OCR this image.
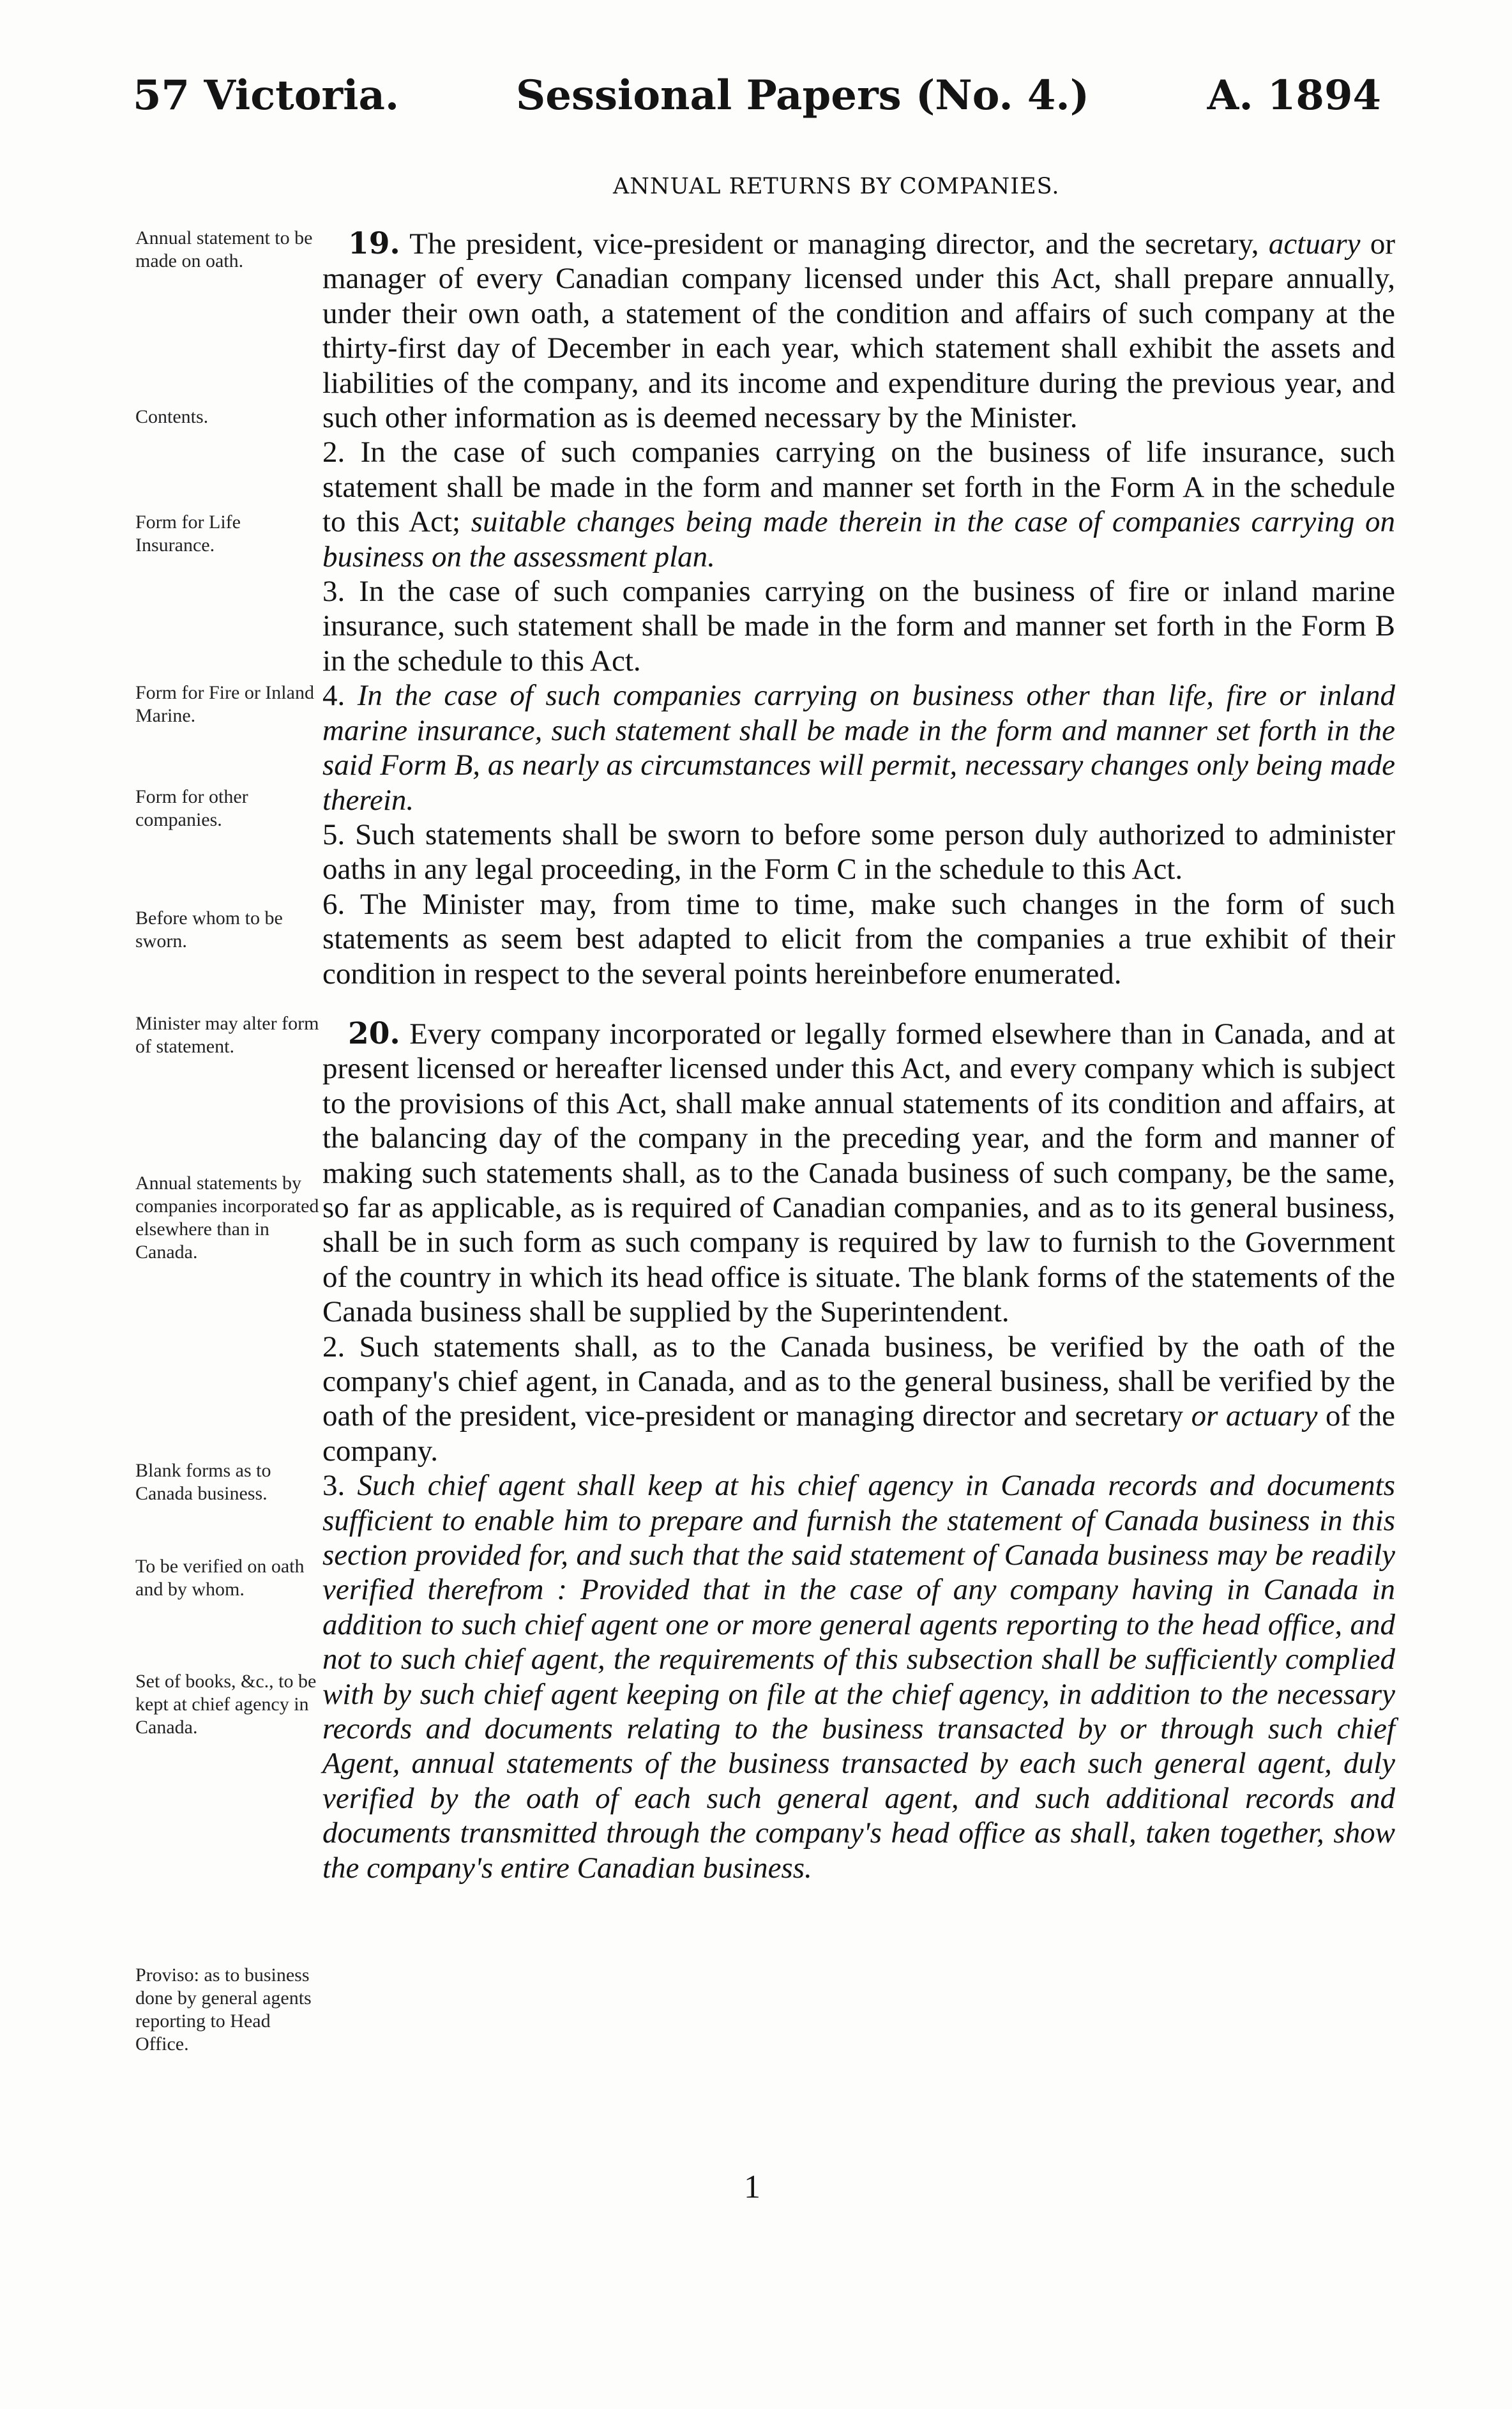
57 Victoria.	Sessional Papers (No. 4.)	A. 1894
ANNUAL RETURNS BY COMPANIES.
Annual statement to be made on oath.
Contents.
Form for Life Insurance.
Form for Fire or Inland Marine.
Form for other companies.
Before whom to be sworn.
Minister may alter form of statement.
Annual statements by companies incorporated elsewhere than in Canada.
Blank forms as to Canada business.
To be verified on oath and by whom.
Set of books, &c., to be kept at chief agency in Canada.
Proviso: as to business done by general agents reporting to Head Office.

19. The president, vice-president or managing director, and the secretary, actuary or manager of every Canadian company licensed under this Act, shall prepare annually, under their own oath, a statement of the condition and affairs of such company at the thirty-first day of December in each year, which statement shall exhibit the assets and liabilities of the company, and its income and expenditure during the previous year, and such other information as is deemed necessary by the Minister.

2. In the case of such companies carrying on the business of life insurance, such statement shall be made in the form and manner set forth in the Form A in the schedule to this Act; suitable changes being made therein in the case of companies carrying on business on the assessment plan.

3. In the case of such companies carrying on the business of fire or inland marine insurance, such statement shall be made in the form and manner set forth in the Form B in the schedule to this Act.

4. In the case of such companies carrying on business other than life, fire or inland marine insurance, such statement shall be made in the form and manner set forth in the said Form B, as nearly as circumstances will permit, necessary changes only being made therein.

5. Such statements shall be sworn to before some person duly authorized to administer oaths in any legal proceeding, in the Form C in the schedule to this Act.

6. The Minister may, from time to time, make such changes in the form of such statements as seem best adapted to elicit from the companies a true exhibit of their condition in respect to the several points hereinbefore enumerated.

20. Every company incorporated or legally formed elsewhere than in Canada, and at present licensed or hereafter licensed under this Act, and every company which is subject to the provisions of this Act, shall make annual statements of its condition and affairs, at the balancing day of the company in the preceding year, and the form and manner of making such statements shall, as to the Canada business of such company, be the same, so far as applicable, as is required of Canadian companies, and as to its general business, shall be in such form as such company is required by law to furnish to the Government of the country in which its head office is situate. The blank forms of the statements of the Canada business shall be supplied by the Superintendent.

2. Such statements shall, as to the Canada business, be verified by the oath of the company's chief agent, in Canada, and as to the general business, shall be verified by the oath of the president, vice-president or managing director and secretary or actuary of the company.

3. Such chief agent shall keep at his chief agency in Canada records and documents sufficient to enable him to prepare and furnish the statement of Canada business in this section provided for, and such that the said statement of Canada business may be readily verified therefrom : Provided that in the case of any company having in Canada in addition to such chief agent one or more general agents reporting to the head office, and not to such chief agent, the requirements of this subsection shall be sufficiently complied with by such chief agent keeping on file at the chief agency, in addition to the necessary records and documents relating to the business transacted by or through such chief Agent, annual statements of the business transacted by each such general agent, duly verified by the oath of each such general agent, and such additional records and documents transmitted through the company's head office as shall, taken together, show the company's entire Canadian business.

1
